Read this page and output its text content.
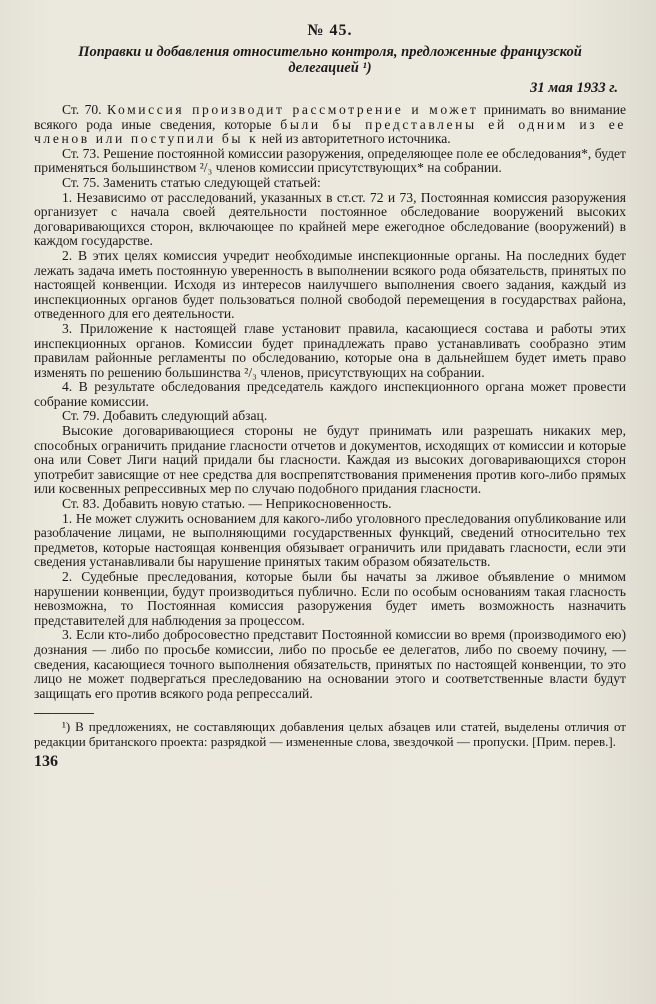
№ 45.
Поправки и добавления относительно контроля, предложенные французской делегацией ¹)
31 мая 1933 г.

Ст. 70. Комиссия производит рассмотрение и может принимать во внимание всякого рода иные сведения, которые были бы представлены ей одним из ее членов или поступили бы к ней из авторитетного источника.

Ст. 73. Решение постоянной комиссии разоружения, определяющее поле ее обследования*, будет применяться большинством ²/₃ членов комиссии присутствующих* на собрании.

Ст. 75. Заменить статью следующей статьей:

1. Независимо от расследований, указанных в ст.ст. 72 и 73, Постоянная комиссия разоружения организует с начала своей деятельности постоянное обследование вооружений высоких договаривающихся сторон, включающее по крайней мере ежегодное обследование (вооружений) в каждом государстве.

2. В этих целях комиссия учредит необходимые инспекционные органы. На последних будет лежать задача иметь постоянную уверенность в выполнении всякого рода обязательств, принятых по настоящей конвенции. Исходя из интересов наилучшего выполнения своего задания, каждый из инспекционных органов будет пользоваться полной свободой перемещения в государствах района, отведенного для его деятельности.

3. Приложение к настоящей главе установит правила, касающиеся состава и работы этих инспекционных органов. Комиссии будет принадлежать право устанавливать сообразно этим правилам районные регламенты по обследованию, которые она в дальнейшем будет иметь право изменять по решению большинства ²/₃ членов, присутствующих на собрании.

4. В результате обследования председатель каждого инспекционного органа может провести собрание комиссии.

Ст. 79. Добавить следующий абзац.

Высокие договаривающиеся стороны не будут принимать или разрешать никаких мер, способных ограничить придание гласности отчетов и документов, исходящих от комиссии и которые она или Совет Лиги наций придали бы гласности. Каждая из высоких договаривающихся сторон употребит зависящие от нее средства для воспрепятствования применения против кого-либо прямых или косвенных репрессивных мер по случаю подобного придания гласности.

Ст. 83. Добавить новую статью. — Неприкосновенность.

1. Не может служить основанием для какого-либо уголовного преследования опубликование или разоблачение лицами, не выполняющими государственных функций, сведений относительно тех предметов, которые настоящая конвенция обязывает ограничить или придавать гласности, если эти сведения устанавливали бы нарушение принятых таким образом обязательств.

2. Судебные преследования, которые были бы начаты за лживое объявление о мнимом нарушении конвенции, будут производиться публично. Если по особым основаниям такая гласность невозможна, то Постоянная комиссия разоружения будет иметь возможность назначить представителей для наблюдения за процессом.

3. Если кто-либо добросовестно представит Постоянной комиссии во время (производимого ею) дознания — либо по просьбе комиссии, либо по просьбе ее делегатов, либо по своему почину, — сведения, касающиеся точного выполнения обязательств, принятых по настоящей конвенции, то это лицо не может подвергаться преследованию на основании этого и соответственные власти будут защищать его против всякого рода репрессалий.

¹) В предложениях, не составляющих добавления целых абзацев или статей, выделены отличия от редакции британского проекта: разрядкой — измененные слова, звездочкой — пропуски. [Прим. перев.].

136
